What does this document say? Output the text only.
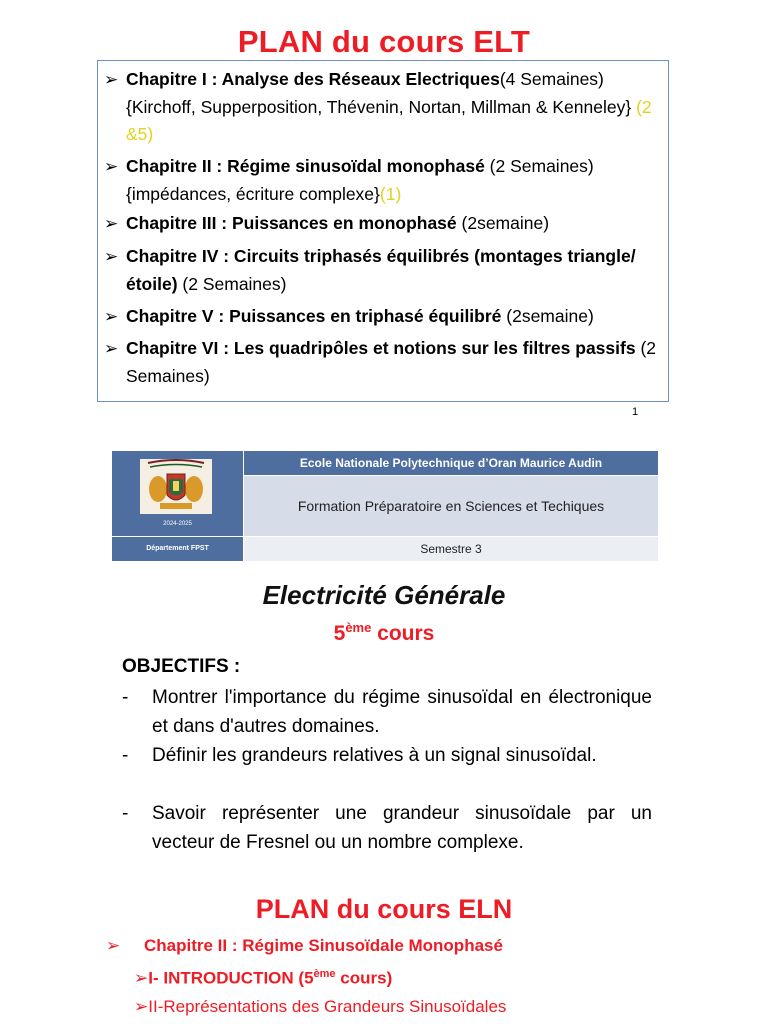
PLAN du cours ELT
➢ Chapitre I : Analyse des Réseaux Electriques(4 Semaines) {Kirchoff, Supperposition, Thévenin, Nortan, Millman & Kenneley} (2 &5)
➢ Chapitre II : Régime sinusoïdal monophasé (2 Semaines) {impédances, écriture complexe}(1)
➢ Chapitre III : Puissances en monophasé (2semaine)
➢ Chapitre IV : Circuits triphasés équilibrés (montages triangle/étoile) (2 Semaines)
➢ Chapitre V : Puissances en triphasé équilibré (2semaine)
➢ Chapitre VI : Les quadripôles et notions sur les filtres passifs (2 Semaines)
1
2024-2025
Département FPST
Ecole Nationale Polytechnique d’Oran Maurice Audin
Formation Préparatoire en Sciences et Techiques
Semestre 3
Electricité Générale
5ème cours
OBJECTIFS :
-	Montrer l'importance du régime sinusoïdal en électronique et dans d'autres domaines.
-	Définir les grandeurs relatives à un signal sinusoïdal.
-	Savoir représenter une grandeur sinusoïdale par un vecteur de Fresnel ou un nombre complexe.
PLAN du cours ELN
➢ Chapitre II : Régime Sinusoïdale Monophasé
➢I- INTRODUCTION (5ème cours)
➢II-Représentations des Grandeurs Sinusoïdales
